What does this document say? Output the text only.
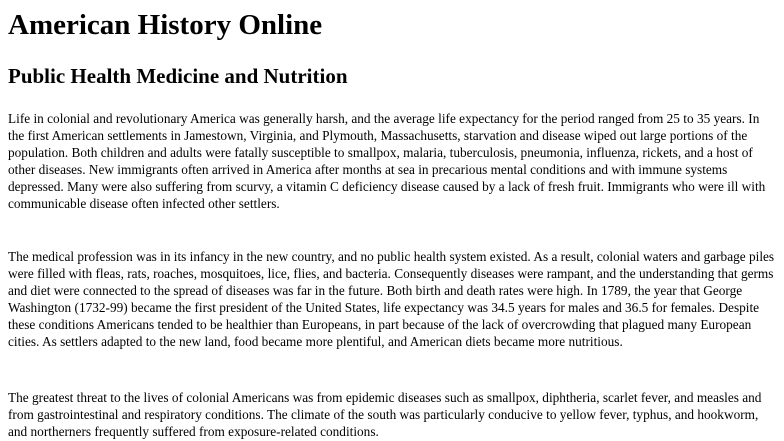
American History Online
Public Health Medicine and Nutrition

Life in colonial and revolutionary America was generally harsh, and the average life expectancy for the period ranged from 25 to 35 years. In the first American settlements in Jamestown, Virginia, and Plymouth, Massachusetts, starvation and disease wiped out large portions of the population. Both children and adults were fatally susceptible to smallpox, malaria, tuberculosis, pneumonia, influenza, rickets, and a host of other diseases. New immigrants often arrived in America after months at sea in precarious mental conditions and with immune systems depressed. Many were also suffering from scurvy, a vitamin C deficiency disease caused by a lack of fresh fruit. Immigrants who were ill with communicable disease often infected other settlers.

The medical profession was in its infancy in the new country, and no public health system existed. As a result, colonial waters and garbage piles were filled with fleas, rats, roaches, mosquitoes, lice, flies, and bacteria. Consequently diseases were rampant, and the understanding that germs and diet were connected to the spread of diseases was far in the future. Both birth and death rates were high. In 1789, the year that George Washington (1732-99) became the first president of the United States, life expectancy was 34.5 years for males and 36.5 for females. Despite these conditions Americans tended to be healthier than Europeans, in part because of the lack of overcrowding that plagued many European cities. As settlers adapted to the new land, food became more plentiful, and American diets became more nutritious.

The greatest threat to the lives of colonial Americans was from epidemic diseases such as smallpox, diphtheria, scarlet fever, and measles and from gastrointestinal and respiratory conditions. The climate of the south was particularly conducive to yellow fever, typhus, and hookworm, and northerners frequently suffered from exposure-related conditions.
